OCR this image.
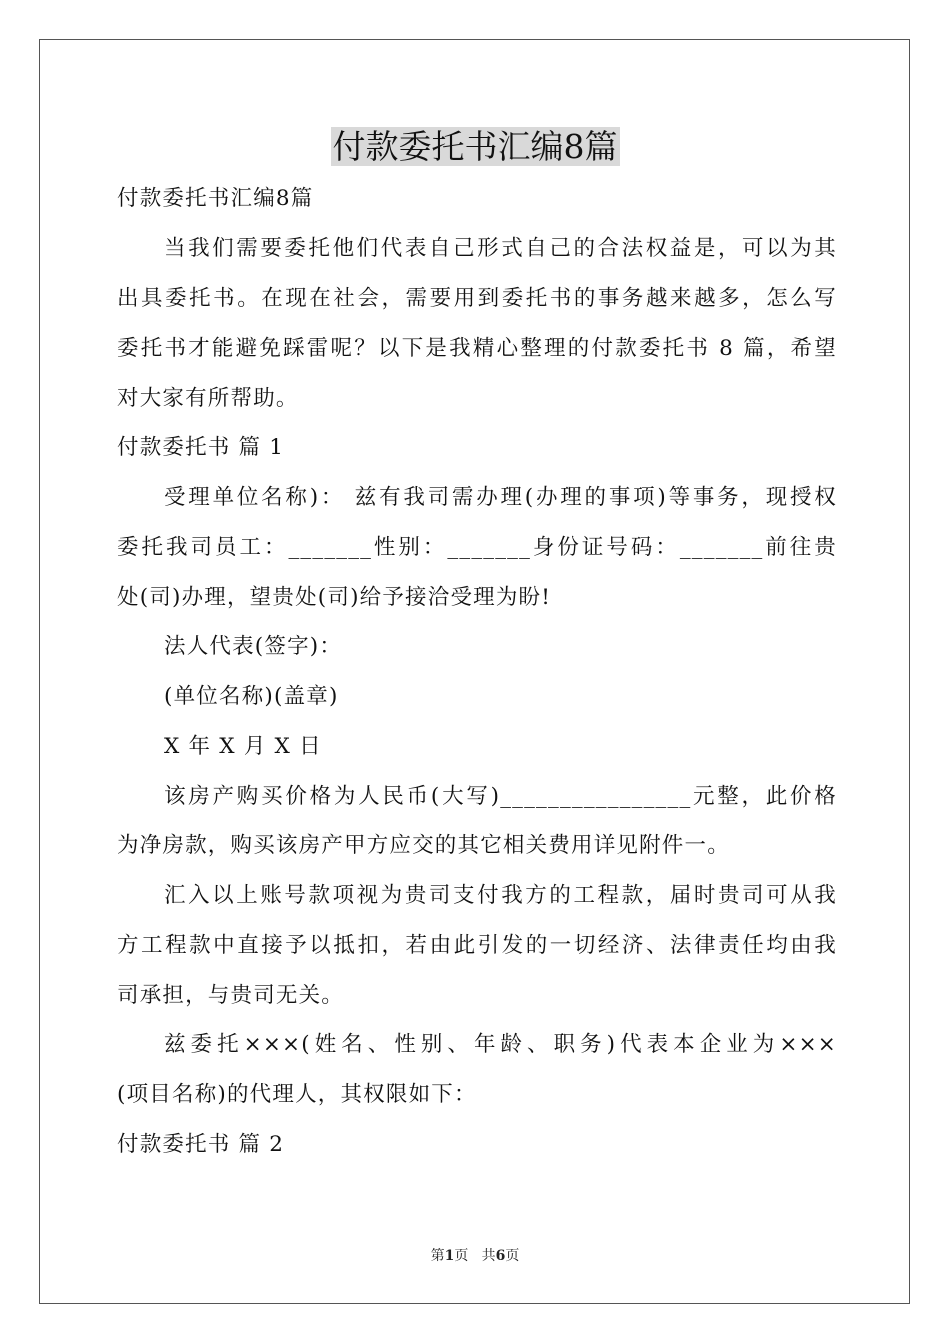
付款委托书汇编8篇

付款委托书汇编8篇

当我们需要委托他们代表自己形式自己的合法权益是，可以为其

出具委托书。在现在社会，需要用到委托书的事务越来越多，怎么写

委托书才能避免踩雷呢？以下是我精心整理的付款委托书 8 篇，希望

对大家有所帮助。

付款委托书 篇 1

受理单位名称)： 兹有我司需办理(办理的事项)等事务，现授权

委托我司员工：_______性别：_______身份证号码：_______前往贵

处(司)办理，望贵处(司)给予接洽受理为盼!

法人代表(签字)：

(单位名称)(盖章)

X 年 X 月 X 日

该房产购买价格为人民币(大写)________________元整，此价格

为净房款，购买该房产甲方应交的其它相关费用详见附件一。

汇入以上账号款项视为贵司支付我方的工程款，届时贵司可从我

方工程款中直接予以抵扣，若由此引发的一切经济、法律责任均由我

司承担，与贵司无关。

兹委托×××(姓名、性别、年龄、职务)代表本企业为×××

(项目名称)的代理人，其权限如下：

付款委托书 篇 2

第1页 共6页
